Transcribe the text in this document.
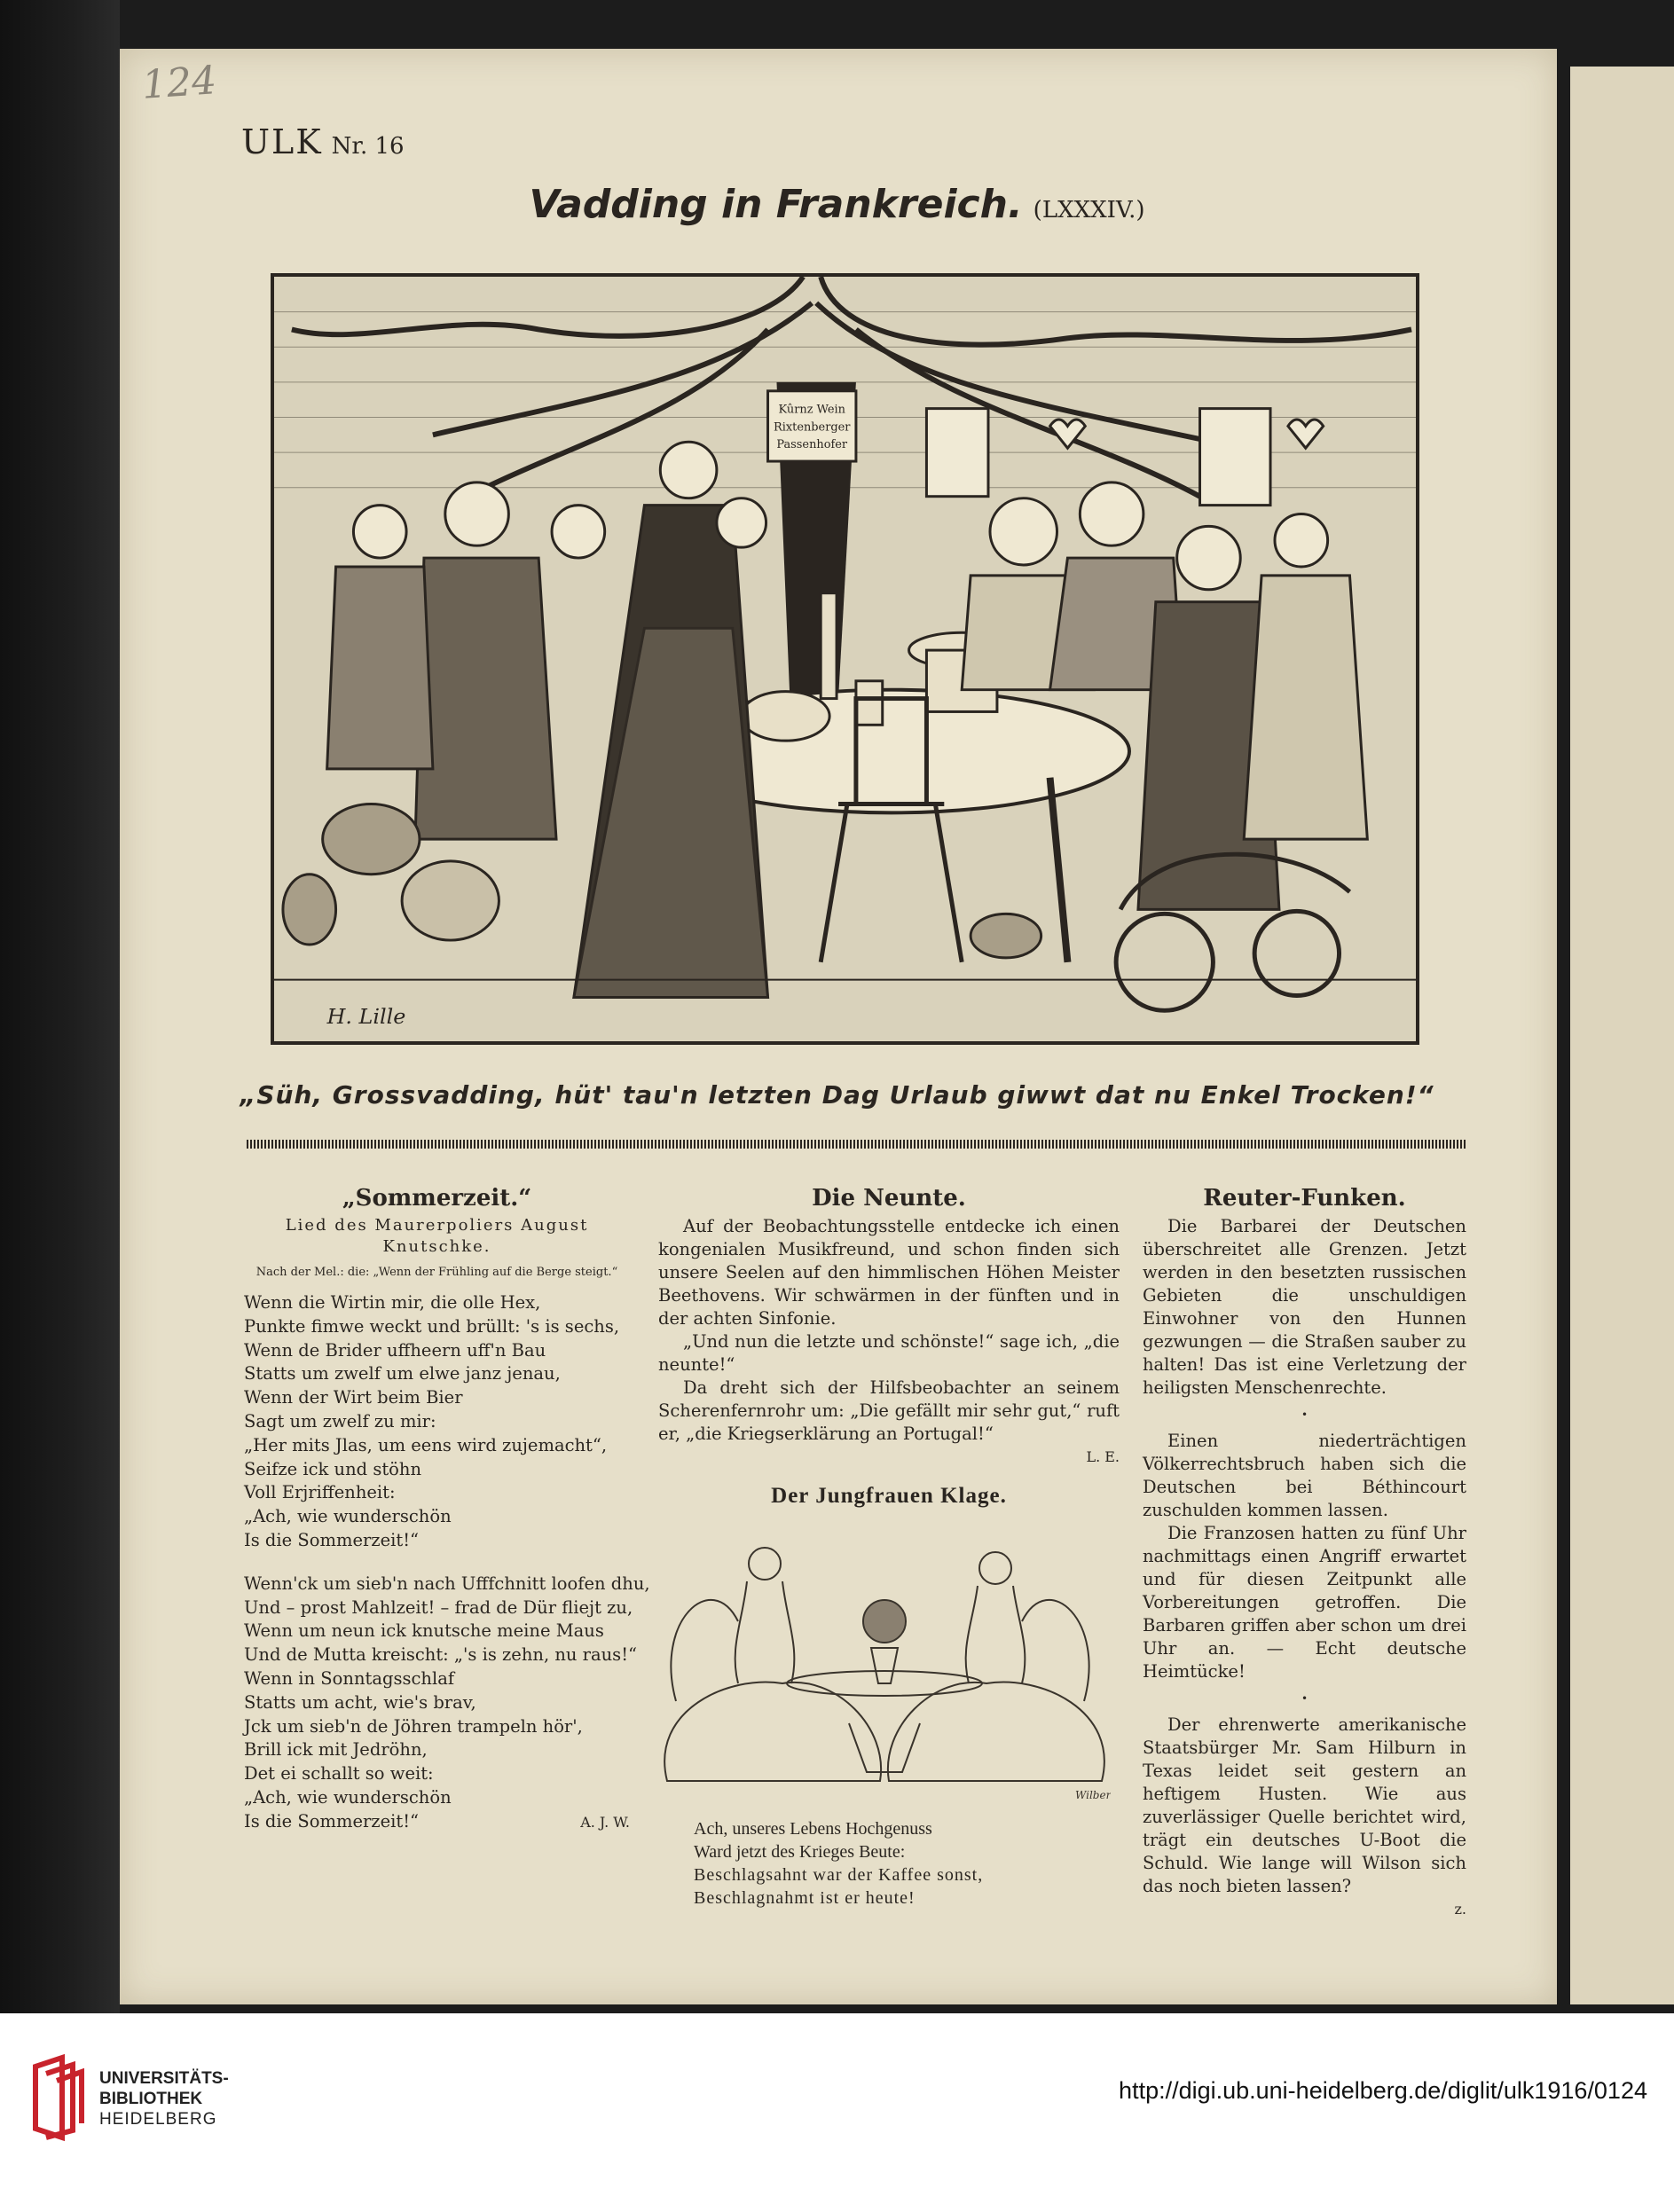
124
ULK Nr. 16
Vadding in Frankreich. (LXXXIV.)
Kûrnz Wein
Rixtenberger
Passenhofer
H. Lille
„Süh, Grossvadding, hüt' tau'n letzten Dag Urlaub giwwt dat nu Enkel Trocken!“
„Sommerzeit.“
Lied des Maurerpoliers August
Knutschke.
Nach der Mel.: die: „Wenn der Frühling auf die Berge steigt.“
Wenn die Wirtin mir, die olle Hex,
Punkte fimwe weckt und brüllt: 's is sechs,
Wenn de Brider uffheern uff'n Bau
Statts um zwelf um elwe janz jenau,
Wenn der Wirt beim Bier
Sagt um zwelf zu mir:
„Her mits Jlas, um eens wird zujemacht“,
Seifze ick und stöhn
Voll Erjriffenheit:
„Ach, wie wunderschön
Is die Sommerzeit!“
Wenn'ck um sieb'n nach Ufffchnitt loofen dhu,
Und – prost Mahlzeit! – frad de Dür fliejt zu,
Wenn um neun ick knutsche meine Maus
Und de Mutta kreischt: „'s is zehn, nu raus!“
Wenn in Sonntagsschlaf
Statts um acht, wie's brav,
Jck um sieb'n de Jöhren trampeln hör',
Brill ick mit Jedröhn,
Det ei schallt so weit:
„Ach, wie wunderschön
Is die Sommerzeit!“	A. J. W.
Die Neunte.

Auf der Beobachtungsstelle entdecke ich einen kongenialen Musikfreund, und schon finden sich unsere Seelen auf den himmlischen Höhen Meister Beethovens. Wir schwärmen in der fünften und in der achten Sinfonie.

„Und nun die letzte und schönste!“ sage ich, „die neunte!“

Da dreht sich der Hilfsbeobachter an seinem Scherenfernrohr um: „Die gefällt mir sehr gut,“ ruft er, „die Kriegserklärung an Portugal!“

L. E.
Der Jungfrauen Klage.
Wilber
Ach, unseres Lebens Hochgenuss
Ward jetzt des Krieges Beute:
Beschlagsahnt war der Kaffee sonst,
Beschlagnahmt ist er heute!
Reuter-Funken.

Die Barbarei der Deutschen überschreitet alle Grenzen. Jetzt werden in den besetzten russischen Gebieten die unschuldigen Einwohner von den Hunnen gezwungen — die Straßen sauber zu halten! Das ist eine Verletzung der heiligsten Menschenrechte.

•

Einen niederträchtigen Völkerrechtsbruch haben sich die Deutschen bei Béthincourt zuschulden kommen lassen.

Die Franzosen hatten zu fünf Uhr nachmittags einen Angriff erwartet und für diesen Zeitpunkt alle Vorbereitungen getroffen. Die Barbaren griffen aber schon um drei Uhr an. — Echt deutsche Heimtücke!

•

Der ehrenwerte amerikanische Staatsbürger Mr. Sam Hilburn in Texas leidet seit gestern an heftigem Husten. Wie aus zuverlässiger Quelle berichtet wird, trägt ein deutsches U-Boot die Schuld. Wie lange will Wilson sich das noch bieten lassen?

z.
UNIVERSITÄTS-
BIBLIOTHEK
HEIDELBERG
http://digi.ub.uni-heidelberg.de/diglit/ulk1916/0124
